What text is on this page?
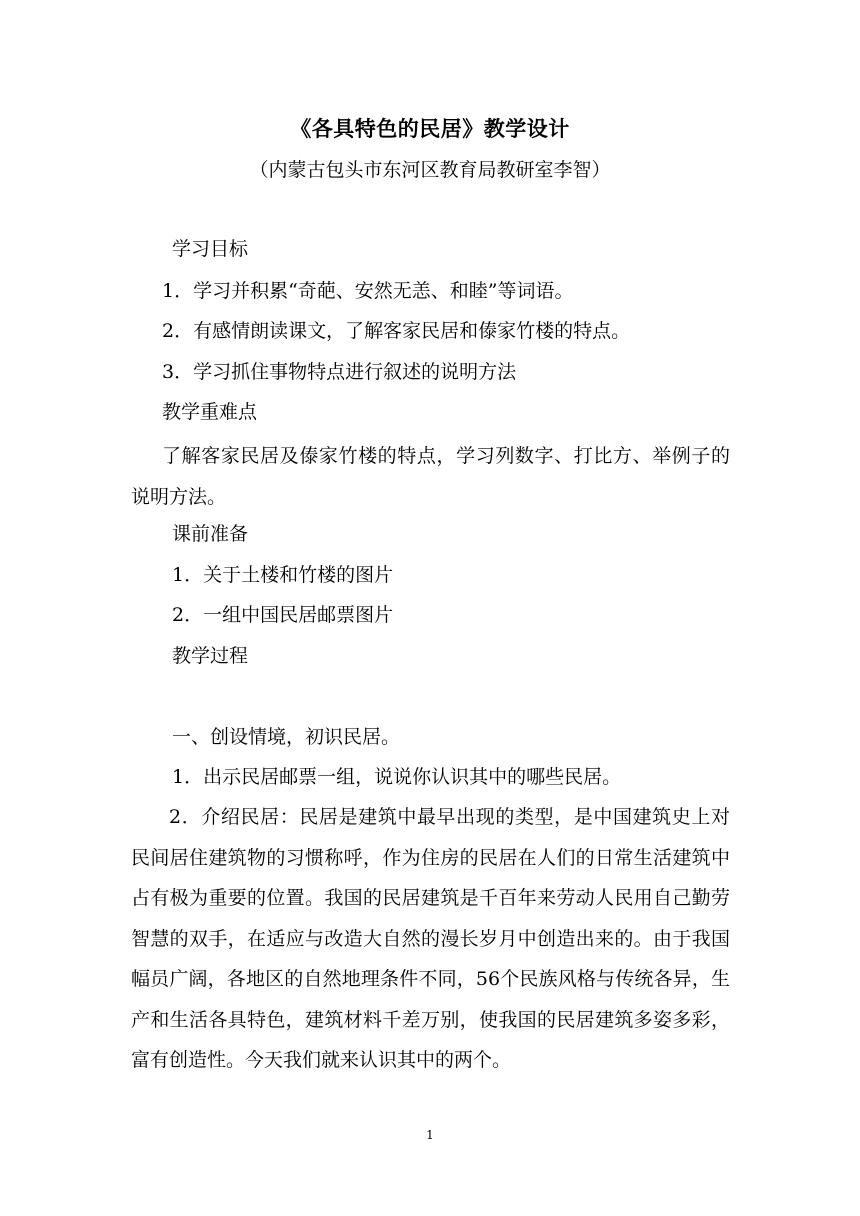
《各具特色的民居》教学设计
（内蒙古包头市东河区教育局教研室李智）
学习目标
1．学习并积累“奇葩、安然无恙、和睦”等词语。
2．有感情朗读课文，了解客家民居和傣家竹楼的特点。
3．学习抓住事物特点进行叙述的说明方法
教学重难点
了解客家民居及傣家竹楼的特点，学习列数字、打比方、举例子的说明方法。
课前准备
1．关于土楼和竹楼的图片
2．一组中国民居邮票图片
教学过程
一、创设情境，初识民居。
1．出示民居邮票一组，说说你认识其中的哪些民居。
2．介绍民居：民居是建筑中最早出现的类型，是中国建筑史上对民间居住建筑物的习惯称呼，作为住房的民居在人们的日常生活建筑中占有极为重要的位置。我国的民居建筑是千百年来劳动人民用自己勤劳智慧的双手，在适应与改造大自然的漫长岁月中创造出来的。由于我国幅员广阔，各地区的自然地理条件不同，56个民族风格与传统各异，生产和生活各具特色，建筑材料千差万别，使我国的民居建筑多姿多彩，富有创造性。今天我们就来认识其中的两个。
1
